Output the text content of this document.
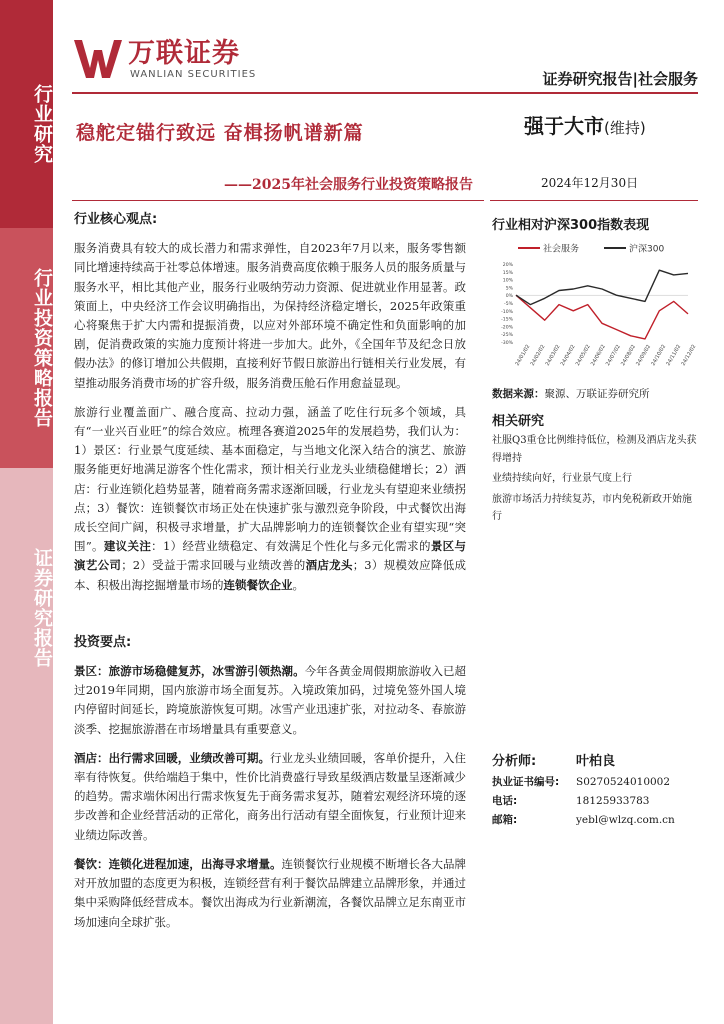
行业研究
行业投资策略报告
证券研究报告
万联证券
WANLIAN SECURITIES	证券研究报告|社会服务
稳舵定锚行致远 奋楫扬帆谱新篇	强于大市(维持)
——2025年社会服务行业投资策略报告	2024年12月30日
行业核心观点:
服务消费具有较大的成长潜力和需求弹性，自2023年7月以来，服务零售额同比增速持续高于社零总体增速。服务消费高度依赖于服务人员的服务质量与服务水平，相比其他产业，服务行业吸纳劳动力资源、促进就业作用显著。政策面上，中央经济工作会议明确指出，为保持经济稳定增长，2025年政策重心将聚焦于扩大内需和提振消费，以应对外部环境不确定性和负面影响的加剧，促消费政策的实施力度预计将进一步加大。此外，《全国年节及纪念日放假办法》的修订增加公共假期，直接利好节假日旅游出行链相关行业发展，有望推动服务消费市场的扩容升级，服务消费压舱石作用愈益显现。
旅游行业覆盖面广、融合度高、拉动力强，涵盖了吃住行玩多个领域，具有“一业兴百业旺”的综合效应。梳理各赛道2025年的发展趋势，我们认为：1）景区：行业景气度延续、基本面稳定，与当地文化深入结合的演艺、旅游服务能更好地满足游客个性化需求，预计相关行业龙头业绩稳健增长；2）酒店：行业连锁化趋势显著，随着商务需求逐渐回暖，行业龙头有望迎来业绩拐点；3）餐饮：连锁餐饮市场正处在快速扩张与激烈竞争阶段，中式餐饮出海成长空间广阔，积极寻求增量，扩大品牌影响力的连锁餐饮企业有望实现“突围”。建议关注：1）经营业绩稳定、有效满足个性化与多元化需求的景区与演艺公司；2）受益于需求回暖与业绩改善的酒店龙头；3）规模效应降低成本、积极出海挖掘增量市场的连锁餐饮企业。
投资要点:
景区：旅游市场稳健复苏，冰雪游引领热潮。今年各黄金周假期旅游收入已超过2019年同期，国内旅游市场全面复苏。入境政策加码，过境免签外国人境内停留时间延长，跨境旅游恢复可期。冰雪产业迅速扩张，对拉动冬、春旅游淡季、挖掘旅游潜在市场增量具有重要意义。
酒店：出行需求回暖，业绩改善可期。行业龙头业绩回暖，客单价提升，入住率有待恢复。供给端趋于集中，性价比消费盛行导致星级酒店数量呈逐渐减少的趋势。需求端休闲出行需求恢复先于商务需求复苏，随着宏观经济环境的逐步改善和企业经营活动的正常化，商务出行活动有望全面恢复，行业预计迎来业绩边际改善。
餐饮：连锁化进程加速，出海寻求增量。连锁餐饮行业规模不断增长各大品牌对开放加盟的态度更为积极，连锁经营有利于餐饮品牌建立品牌形象，并通过集中采购降低经营成本。餐饮出海成为行业新潮流，各餐饮品牌立足东南亚市场加速向全球扩张。
行业相对沪深300指数表现
社会服务	沪深300
20%
15%
10%
5%
0%
-5%
-10%
-15%
-20%
-25%
-30%
24/01/02
24/02/02
24/03/02
24/04/02
24/05/02
24/06/02
24/07/02
24/08/02
24/09/02
24/10/02
24/11/02
24/12/02
数据来源：聚源、万联证券研究所
相关研究
社服Q3重仓比例维持低位，检测及酒店龙头获得增持
业绩持续向好，行业景气度上行
旅游市场活力持续复苏，市内免税新政开始施行
分析师:	叶柏良
执业证书编号:	S0270524010002
电话:	18125933783
邮箱:	yebl@wlzq.com.cn
